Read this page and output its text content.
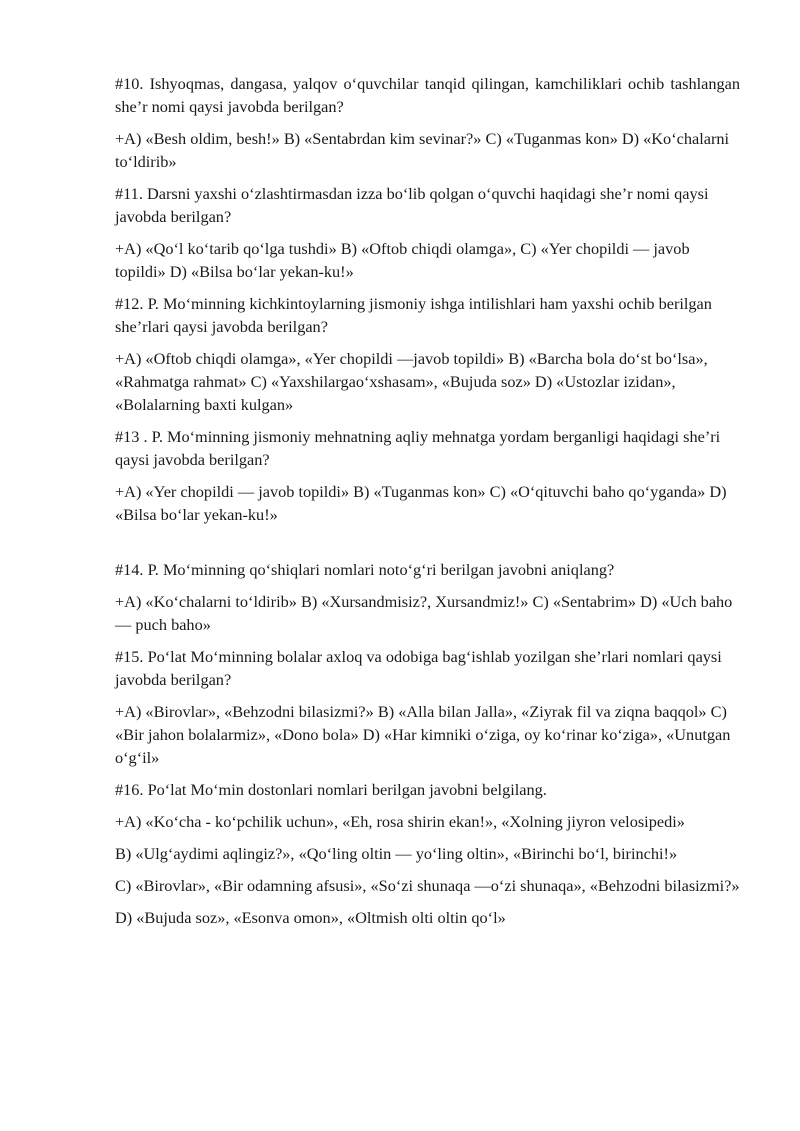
#10. Ishyoqmas, dangasa, yalqov o‘quvchilar tanqid qilingan, kamchiliklari ochib tashlangan she’r nomi qaysi javobda berilgan?

+A) «Besh oldim, besh!» B) «Sentabrdan kim sevinar?» C) «Tuganmas kon» D) «Ko‘chalarni to‘ldirib»

#11. Darsni yaxshi o‘zlashtirmasdan izza bo‘lib qolgan o‘quvchi haqidagi she’r nomi qaysi javobda berilgan?

+A) «Qo‘l ko‘tarib qo‘lga tushdi» B) «Oftob chiqdi olamga», C) «Yer chopildi — javob topildi» D) «Bilsa bo‘lar yekan-ku!»

#12. P. Mo‘minning kichkintoylarning jismoniy ishga intilishlari ham yaxshi ochib berilgan she’rlari qaysi javobda berilgan?

+A) «Oftob chiqdi olamga», «Yer chopildi —javob topildi» B) «Barcha bola do‘st bo‘lsa», «Rahmatga rahmat» C) «Yaxshilargao‘xshasam», «Bujuda soz» D) «Ustozlar izidan», «Bolalarning baxti kulgan»

#13 . P. Mo‘minning jismoniy mehnatning aqliy mehnatga yordam berganligi haqidagi she’ri qaysi javobda berilgan?

+A) «Yer chopildi — javob topildi» B) «Tuganmas kon» C) «O‘qituvchi baho qo‘yganda» D) «Bilsa bo‘lar yekan-ku!»

#14. P. Mo‘minning qo‘shiqlari nomlari noto‘g‘ri berilgan javobni aniqlang?

+A) «Ko‘chalarni to‘ldirib» B) «Xursandmisiz?, Xursandmiz!» C) «Sentabrim» D) «Uch baho — puch baho»

#15. Po‘lat Mo‘minning bolalar axloq va odobiga bag‘ishlab yozilgan she’rlari nomlari qaysi javobda berilgan?

+A) «Birovlar», «Behzodni bilasizmi?» B) «Alla bilan Jalla», «Ziyrak fil va ziqna baqqol» C) «Bir jahon bolalarmiz», «Dono bola» D) «Har kimniki o‘ziga, oy ko‘rinar ko‘ziga», «Unutgan o‘g‘il»

#16. Po‘lat Mo‘min dostonlari nomlari berilgan javobni belgilang.

+A) «Ko‘cha - ko‘pchilik uchun», «Eh, rosa shirin ekan!», «Xolning jiyron velosipedi»

B) «Ulg‘aydimi aqlingiz?», «Qo‘ling oltin — yo‘ling oltin», «Birinchi bo‘l, birinchi!»

C) «Birovlar», «Bir odamning afsusi», «So‘zi shunaqa —o‘zi shunaqa», «Behzodni bilasizmi?»

D) «Bujuda soz», «Esonva omon», «Oltmish olti oltin qo‘l»
